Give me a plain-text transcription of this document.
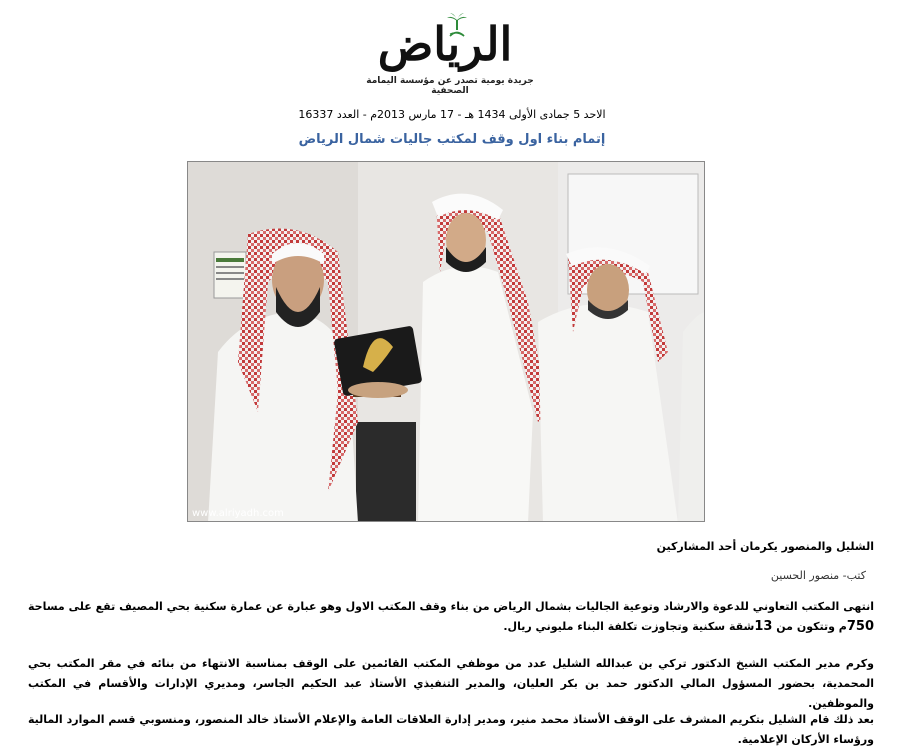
الرياض
جريدة يومية تصدر عن مؤسسة اليمامة الصحفية
الاحد 5 جمادى الأولى 1434 هـ - 17 مارس 2013م - العدد 16337
إتمام بناء اول وقف لمكتب جاليات شمال الرياض
www.alriyadh.com
الشليل والمنصور يكرمان أحد المشاركين
كتب- منصور الحسين
انتهى المكتب التعاوني للدعوة والارشاد وتوعية الجاليات بشمال الرياض من بناء وقف المكتب الاول وهو عبارة عن عمارة سكنية بحي المصيف تقع على مساحة 750م وتتكون من 13شقة سكنية وتجاوزت تكلفة البناء مليوني ريال.
وكرم مدير المكتب الشيخ الدكتور تركي بن عبدالله الشليل عدد من موظفي المكتب القائمين على الوقف بمناسبة الانتهاء من بنائه في مقر المكتب بحي المحمدية، بحضور المسؤول المالي الدكتور حمد بن بكر العليان، والمدير التنفيذي الأستاذ عبد الحكيم الجاسر، ومديري الإدارات والأقسام في المكتب والموظفين.
بعد ذلك قام الشليل بتكريم المشرف على الوقف الأستاذ محمد منير، ومدير إدارة العلاقات العامة والإعلام الأستاذ خالد المنصور، ومنسوبي قسم الموارد المالية ورؤساء الأركان الإعلامية.
